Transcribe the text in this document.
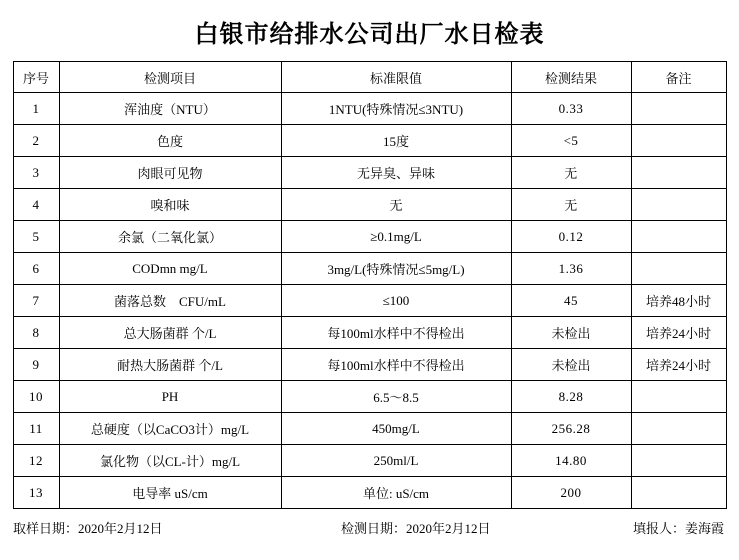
白银市给排水公司出厂水日检表
序号	检测项目	标准限值	检测结果	备注
1	浑油度（NTU）	1NTU(特殊情况≤3NTU)	0.33	
2	色度	15度	<5	
3	肉眼可见物	无异臭、异味	无	
4	嗅和味	无	无	
5	余氯（二氧化氯）	≥0.1mg/L	0.12	
6	CODmn mg/L	3mg/L(特殊情况≤5mg/L)	1.36	
7	菌落总数　CFU/mL	≤100	45	培养48小时
8	总大肠菌群 个/L	每100ml水样中不得检出	未检出	培养24小时
9	耐热大肠菌群 个/L	每100ml水样中不得检出	未检出	培养24小时
10	PH	6.5～8.5	8.28	
11	总硬度（以CaCO3计）mg/L	450mg/L	256.28	
12	氯化物（以CL-计）mg/L	250ml/L	14.80	
13	电导率 uS/cm	单位: uS/cm	200	
取样日期：2020年2月12日	检测日期：2020年2月12日	填报人：姜海霞
